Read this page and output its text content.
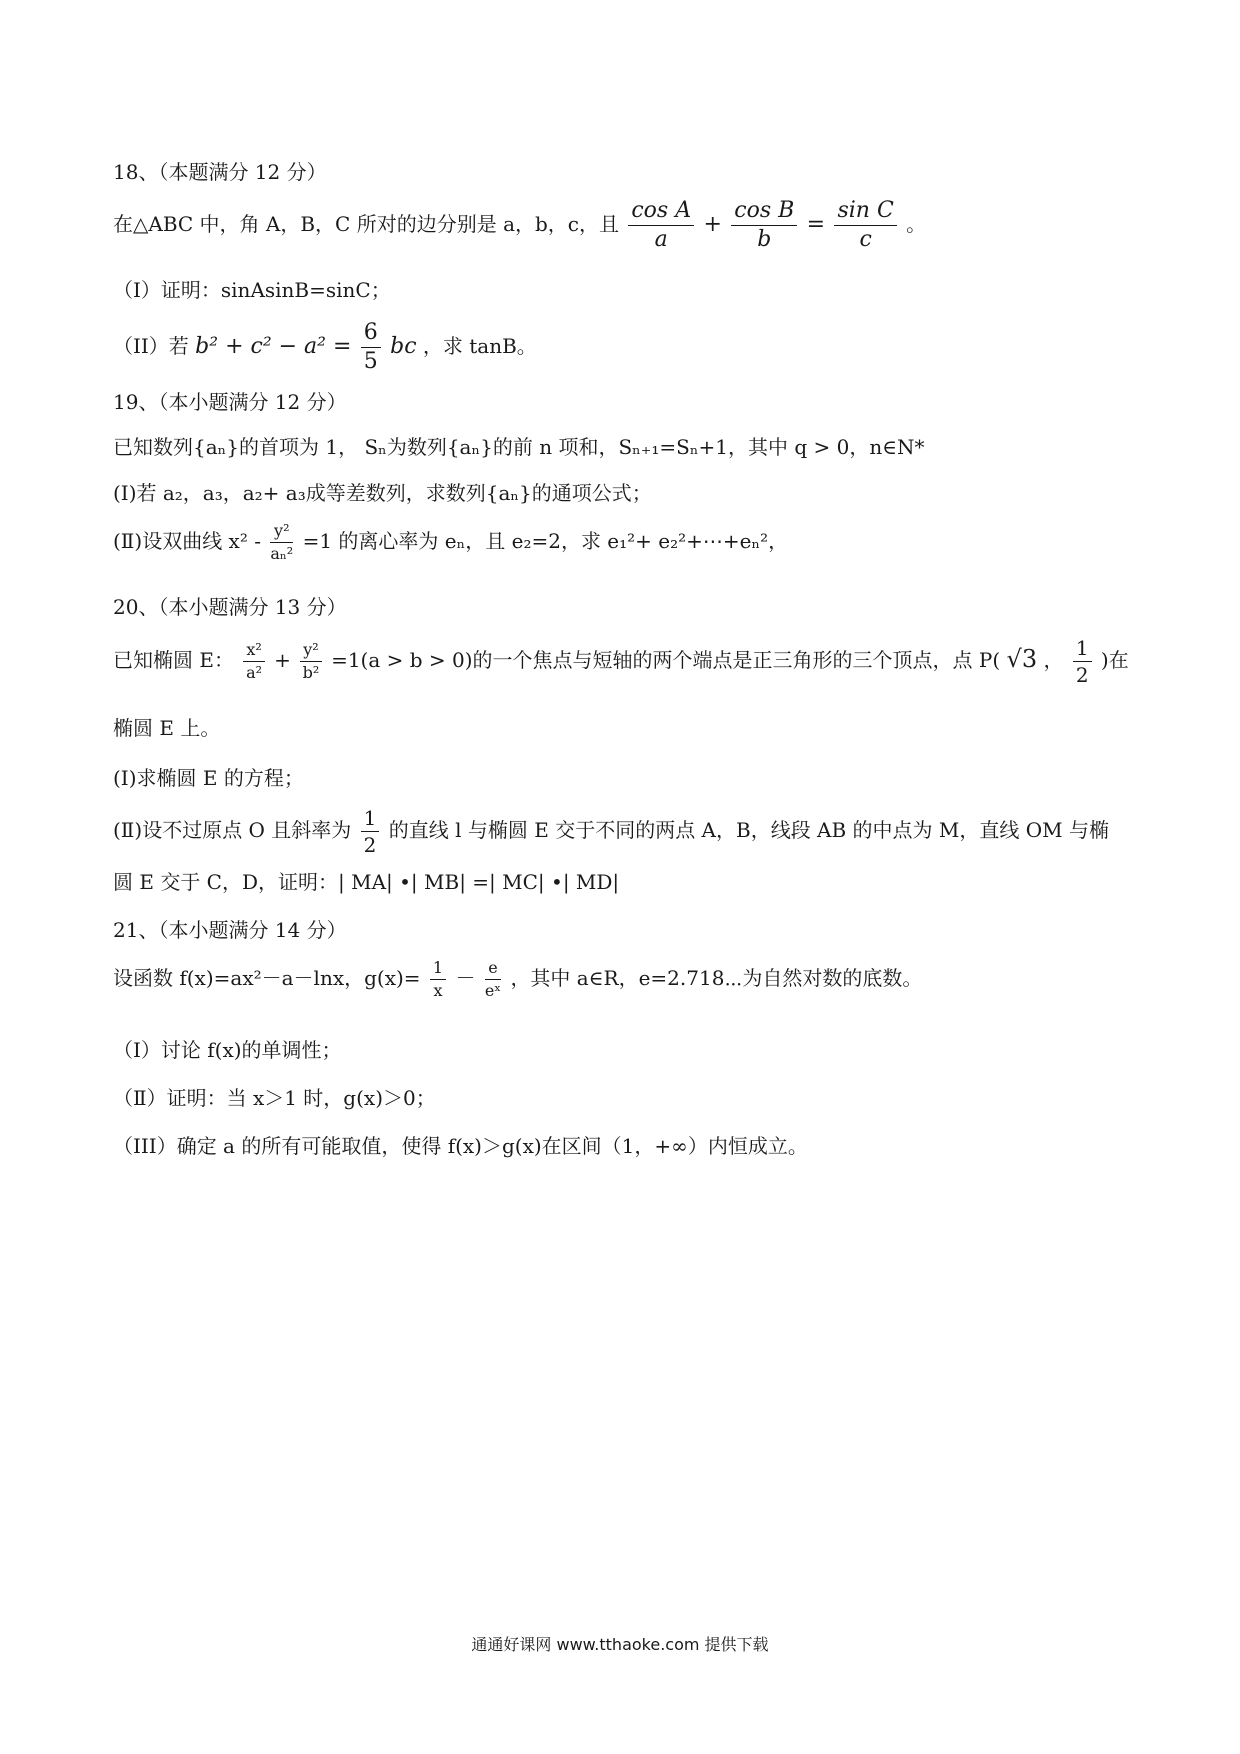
18、（本题满分 12 分）
在△ABC 中，角 A，B，C 所对的边分别是 a，b，c，且 $\frac{\text{cos A}}{a} + \frac{\text{cos B}}{b} = \frac{\text{sin C}}{c}$ 。
（I）证明：sinAsinB=sinC；
（II）若 $b^2 + c^2 - a^2 = \frac{6}{5}$ bc ，求 tanB。
19、（本小题满分 12 分）
已知数列{aₙ}的首项为 1， Sₙ为数列{aₙ}的前 n 项和，Sₙ₊₁=Sₙ+1，其中 q > 0，n∈N*
(Ⅰ)若 a₂，a₃，a₂+ a₃成等差数列，求数列{aₙ}的通项公式；
(Ⅱ)设双曲线 $x^2 - \frac{\text{y²}}{\text{aₙ²}} =1$ 的离心率为 eₙ，且 e₂=2，求 e₁²+ e₂²+⋯+eₙ²，
20、（本小题满分 13 分）
已知椭圆 E： $\frac{\text{x²}}{\text{a²}} + \frac{\text{y²}}{\text{b²}} =1(a > b > 0)$的一个焦点与短轴的两个端点是正三角形的三个顶点，点 P( √3 ， $\frac{1}{2}$ )在
椭圆 E 上。
(Ⅰ)求椭圆 E 的方程；
(Ⅱ)设不过原点 O 且斜率为 $\frac{1}{2}$ 的直线 l 与椭圆 E 交于不同的两点 A，B，线段 AB 的中点为 M，直线 OM 与椭
圆 E 交于 C，D，证明：| MA| •| MB| =| MC| •| MD|
21、（本小题满分 14 分）
设函数 f(x)=ax²－a－lnx，$g(x)= \frac{1}{x} - \frac{e}{\text{eˣ}}$ ，其中 a∈R，e=2.718⋯为自然对数的底数。
（Ⅰ）讨论 f(x)的单调性；
（Ⅱ）证明：当 x＞1 时，g(x)＞0；
（III）确定 a 的所有可能取值，使得 f(x)＞g(x)在区间（1，+∞）内恒成立。
通通好课网 www.tthaoke.com 提供下载
